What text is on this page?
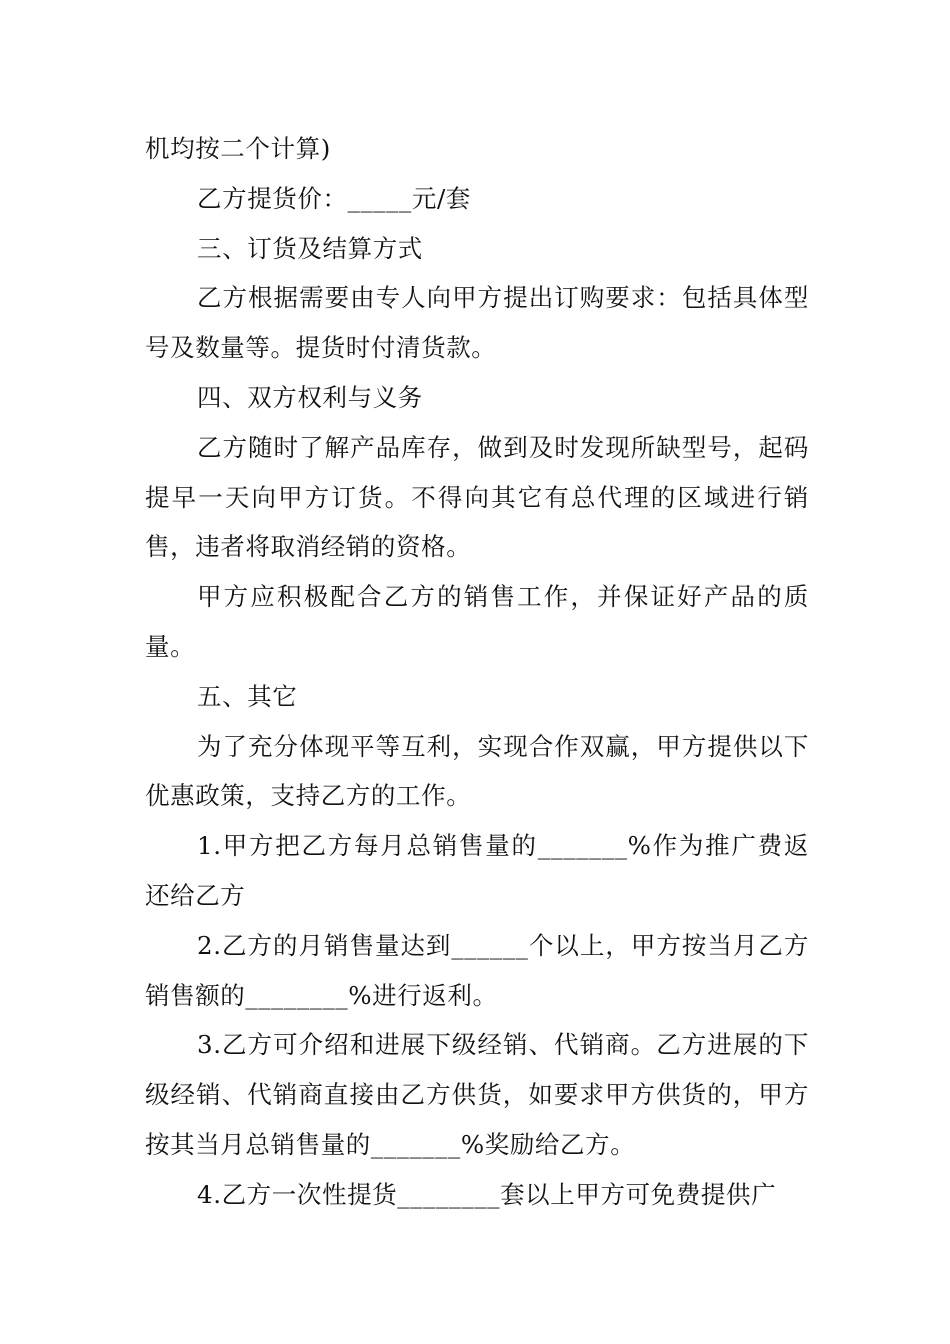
机均按二个计算)

乙方提货价：_____元/套

三、订货及结算方式

乙方根据需要由专人向甲方提出订购要求：包括具体型号及数量等。提货时付清货款。

四、双方权利与义务

乙方随时了解产品库存，做到及时发现所缺型号，起码提早一天向甲方订货。不得向其它有总代理的区域进行销售，违者将取消经销的资格。

甲方应积极配合乙方的销售工作，并保证好产品的质量。

五、其它

为了充分体现平等互利，实现合作双赢，甲方提供以下优惠政策，支持乙方的工作。

1.甲方把乙方每月总销售量的_______%作为推广费返还给乙方

2.乙方的月销售量达到______个以上，甲方按当月乙方销售额的________%进行返利。

3.乙方可介绍和进展下级经销、代销商。乙方进展的下级经销、代销商直接由乙方供货，如要求甲方供货的，甲方按其当月总销售量的_______%奖励给乙方。

4.乙方一次性提货________套以上甲方可免费提供广
